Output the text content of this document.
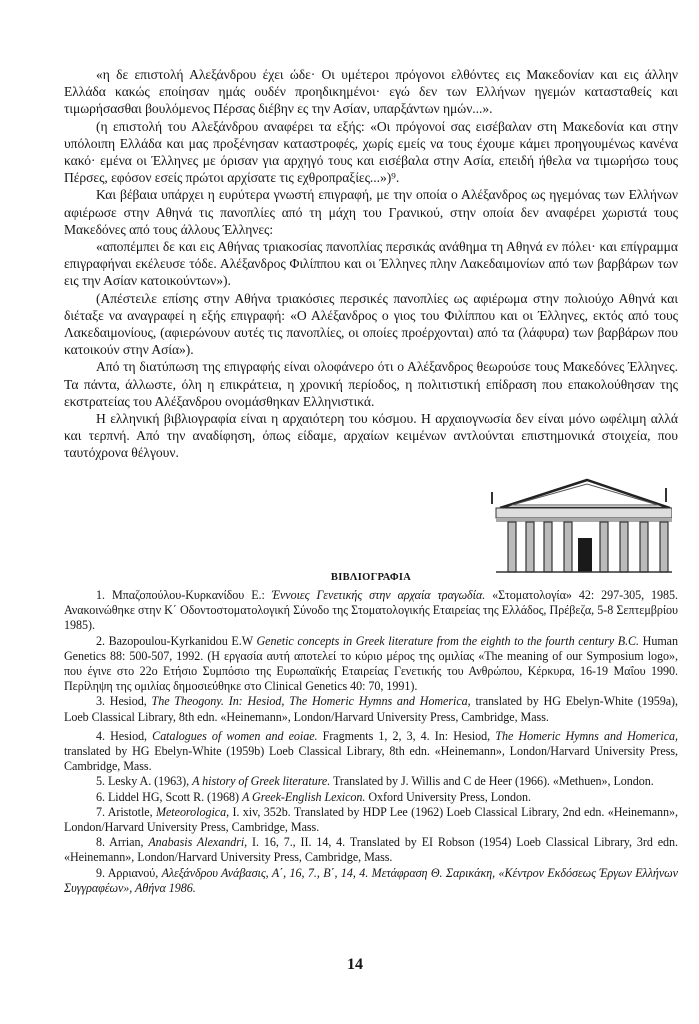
«η δε επιστολή Αλεξάνδρου έχει ώδε· Οι υμέτεροι πρόγονοι ελθόντες εις Μακεδονίαν και εις άλλην Ελλάδα κακώς εποίησαν ημάς ουδέν προηδικημένοι· εγώ δεν των Ελλήνων ηγεμών κατασταθείς και τιμωρήσασθαι βουλόμενος Πέρσας διέβην ες την Ασίαν, υπαρξάντων ημών...».

(η επιστολή του Αλεξάνδρου αναφέρει τα εξής: «Οι πρόγονοί σας εισέβαλαν στη Μακεδονία και στην υπόλοιπη Ελλάδα και μας προξένησαν καταστροφές, χωρίς εμείς να τους έχουμε κάμει προηγουμένως κανένα κακό· εμένα οι Έλληνες με όρισαν για αρχηγό τους και εισέβαλα στην Ασία, επειδή ήθελα να τιμωρήσω τους Πέρσες, εφόσον εσείς πρώτοι αρχίσατε τις εχθροπραξίες...»)⁹.

Και βέβαια υπάρχει η ευρύτερα γνωστή επιγραφή, με την οποία ο Αλέξανδρος ως ηγεμόνας των Ελλήνων αφιέρωσε στην Αθηνά τις πανοπλίες από τη μάχη του Γρανικού, στην οποία δεν αναφέρει χωριστά τους Μακεδόνες από τους άλλους Έλληνες:

«αποπέμπει δε και εις Αθήνας τριακοσίας πανοπλίας περσικάς ανάθημα τη Αθηνά εν πόλει· και επίγραμμα επιγραφήναι εκέλευσε τόδε. Αλέξανδρος Φιλίππου και οι Έλληνες πλην Λακεδαιμονίων από των βαρβάρων των εις την Ασίαν κατοικούντων»).

(Απέστειλε επίσης στην Αθήνα τριακόσιες περσικές πανοπλίες ως αφιέρωμα στην πολιούχο Αθηνά και διέταξε να αναγραφεί η εξής επιγραφή: «Ο Αλέξανδρος ο γιος του Φιλίππου και οι Έλληνες, εκτός από τους Λακεδαιμονίους, (αφιερώνουν αυτές τις πανοπλίες, οι οποίες προέρχονται) από τα (λάφυρα) των βαρβάρων που κατοικούν στην Ασία»).

Από τη διατύπωση της επιγραφής είναι ολοφάνερο ότι ο Αλέξανδρος θεωρούσε τους Μακεδόνες Έλληνες. Τα πάντα, άλλωστε, όλη η επικράτεια, η χρονική περίοδος, η πολιτιστική επίδραση που επακολούθησαν της εκστρατείας του Αλέξανδρου ονομάσθηκαν Ελληνιστικά.

Η ελληνική βιβλιογραφία είναι η αρχαιότερη του κόσμου. Η αρχαιογνωσία δεν είναι μόνο ωφέλιμη αλλά και τερπνή. Από την αναδίφηση, όπως είδαμε, αρχαίων κειμένων αντλούνται επιστημονικά στοιχεία, που ταυτόχρονα θέλγουν.

ΒΙΒΛΙΟΓΡΑΦΙΑ

1. Μπαζοπούλου-Κυρκανίδου Ε.: Έννοιες Γενετικής στην αρχαία τραγωδία. «Στοματολογία» 42: 297-305, 1985. Ανακοινώθηκε στην Κ΄ Οδοντοστοματολογική Σύνοδο της Στοματολογικής Εταιρείας της Ελλάδος, Πρέβεζα, 5-8 Σεπτεμβρίου 1985).

2. Bazopoulou-Kyrkanidou E.W Genetic concepts in Greek literature from the eighth to the fourth century B.C. Human Genetics 88: 500-507, 1992. (Η εργασία αυτή αποτελεί το κύριο μέρος της ομιλίας «The meaning of our Symposium logo», που έγινε στο 22ο Ετήσιο Συμπόσιο της Ευρωπαϊκής Εταιρείας Γενετικής του Ανθρώπου, Κέρκυρα, 16-19 Μαΐου 1990. Περίληψη της ομιλίας δημοσιεύθηκε στο Clinical Genetics 40: 70, 1991).

3. Hesiod, The Theogony. In: Hesiod, The Homeric Hymns and Homerica, translated by HG Ebelyn-White (1959a), Loeb Classical Library, 8th edn. «Heinemann», London/Harvard University Press, Cambridge, Mass.

4. Hesiod, Catalogues of women and eoiae. Fragments 1, 2, 3, 4. In: Hesiod, The Homeric Hymns and Homerica, translated by HG Ebelyn-White (1959b) Loeb Classical Library, 8th edn. «Heinemann», London/Harvard University Press, Cambridge, Mass.

5. Lesky A. (1963), A history of Greek literature. Translated by J. Willis and C de Heer (1966). «Methuen», London.

6. Liddel HG, Scott R. (1968) A Greek-English Lexicon. Oxford University Press, London.

7. Aristotle, Meteorologica, I. xiv, 352b. Translated by HDP Lee (1962) Loeb Classical Library, 2nd edn. «Heinemann», London/Harvard University Press, Cambridge, Mass.

8. Arrian, Anabasis Alexandri, I. 16, 7., II. 14, 4. Translated by EI Robson (1954) Loeb Classical Library, 3rd edn. «Heinemann», London/Harvard University Press, Cambridge, Mass.

9. Αρριανού, Αλεξάνδρου Ανάβασις, Α΄, 16, 7., Β΄, 14, 4. Μετάφραση Θ. Σαρικάκη, «Κέντρον Εκδόσεως Έργων Ελλήνων Συγγραφέων», Αθήνα 1986.

14
